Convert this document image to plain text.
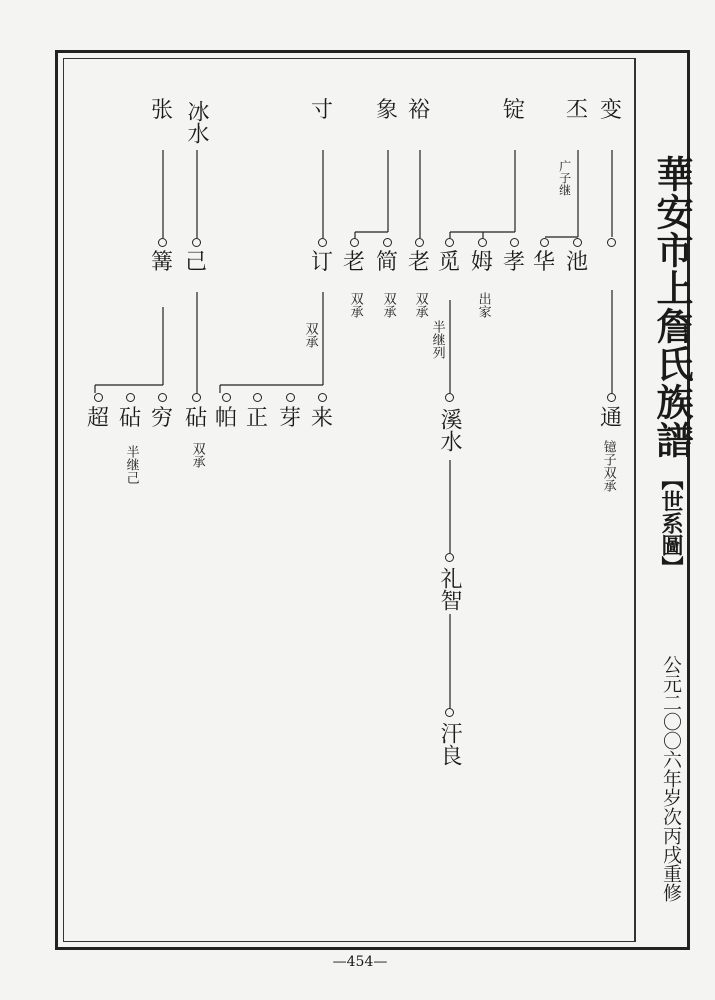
華安市上詹氏族譜
【世系圖】
公元二〇〇六年岁次丙戌重修
—454—
变
丕
锭
裕
象
寸
冰水
张
池
华
孝
姆
觅
老
简
老
订
己
篝
广子继
出家
双承
双承
双承
双承	半继列
镱子双承
双承
半继己
通
溪水
来
芽
正
帕
砧
穷
砧
超
礼智
汗良
